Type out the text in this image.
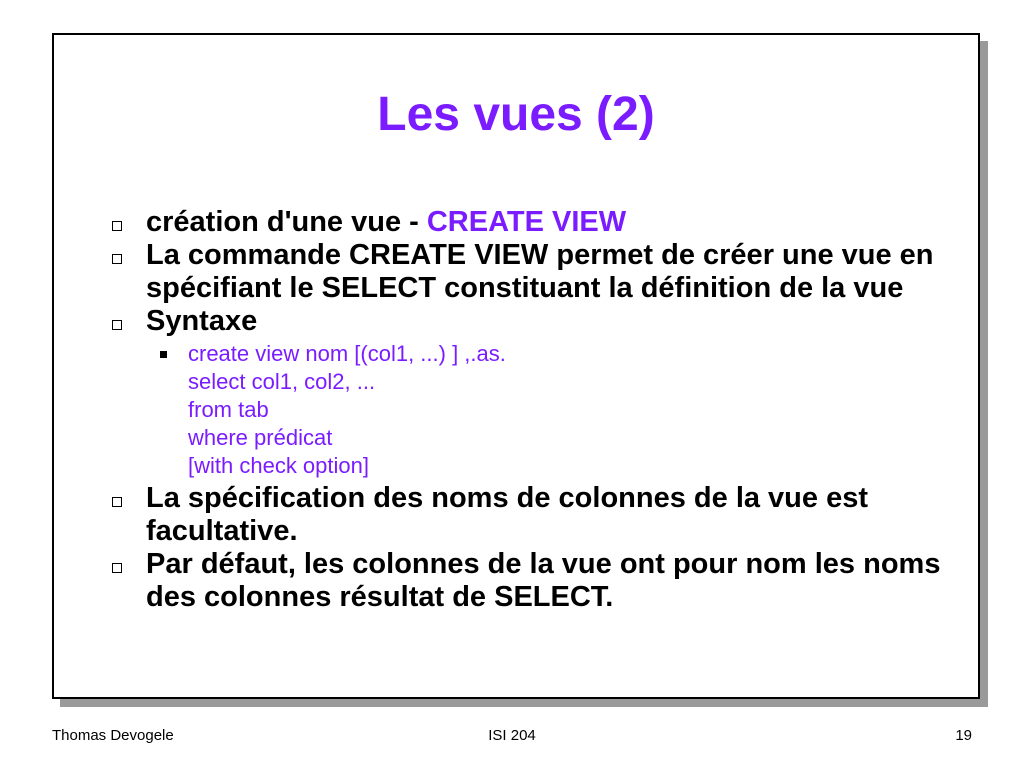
Les vues (2)
création d'une vue - CREATE VIEW
La commande CREATE VIEW permet de créer une vue en spécifiant le SELECT constituant la définition de la vue
Syntaxe
create view nom [(col1, ...) ] ,.as.
select col1, col2, ...
from tab
where prédicat
[with check option]
La spécification des noms de colonnes de la vue est facultative.
Par défaut, les colonnes de la vue ont pour nom les noms des colonnes résultat de SELECT.
Thomas Devogele	ISI 204	19
